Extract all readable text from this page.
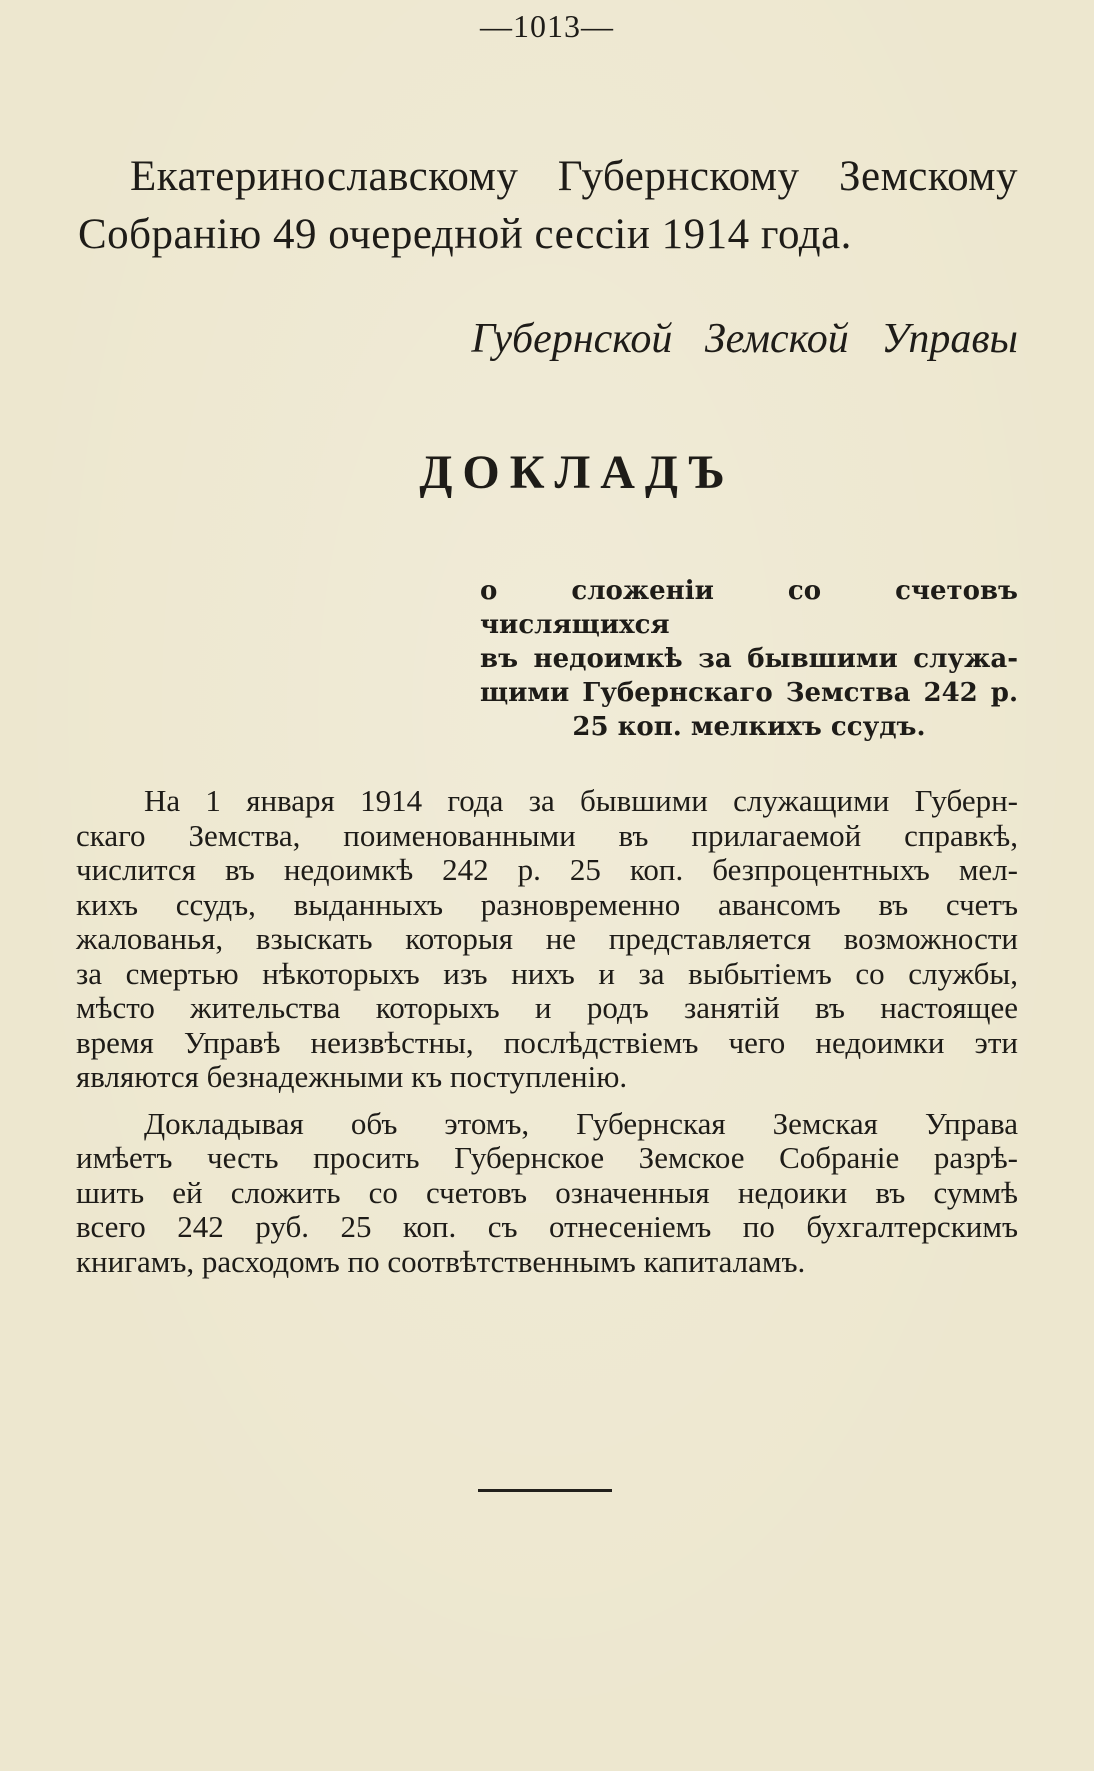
—1013—
Екатеринославскому Губернскому Земскому
Собранію 49 очередной сессіи 1914 года.
Губернской Земской Управы
ДОКЛАДЪ
о сложеніи со счетовъ числящихся
въ недоимкѣ за бывшими служа-
щими Губернскаго Земства 242 р.
25 коп. мелкихъ ссудъ.
На 1 января 1914 года за бывшими служащими Губерн-
скаго Земства, поименованными въ прилагаемой справкѣ,
числится въ недоимкѣ 242 р. 25 коп. безпроцентныхъ мел-
кихъ ссудъ, выданныхъ разновременно авансомъ въ счетъ
жалованья, взыскать которыя не представляется возможности
за смертью нѣкоторыхъ изъ нихъ и за выбытіемъ со службы,
мѣсто жительства которыхъ и родъ занятій въ настоящее
время Управѣ неизвѣстны, послѣдствіемъ чего недоимки эти
являются безнадежными къ поступленію.
Докладывая объ этомъ, Губернская Земская Управа
имѣетъ честь просить Губернское Земское Собраніе разрѣ-
шить ей сложить со счетовъ означенныя недоики въ суммѣ
всего 242 руб. 25 коп. съ отнесеніемъ по бухгалтерскимъ
книгамъ, расходомъ по соотвѣтственнымъ капиталамъ.
